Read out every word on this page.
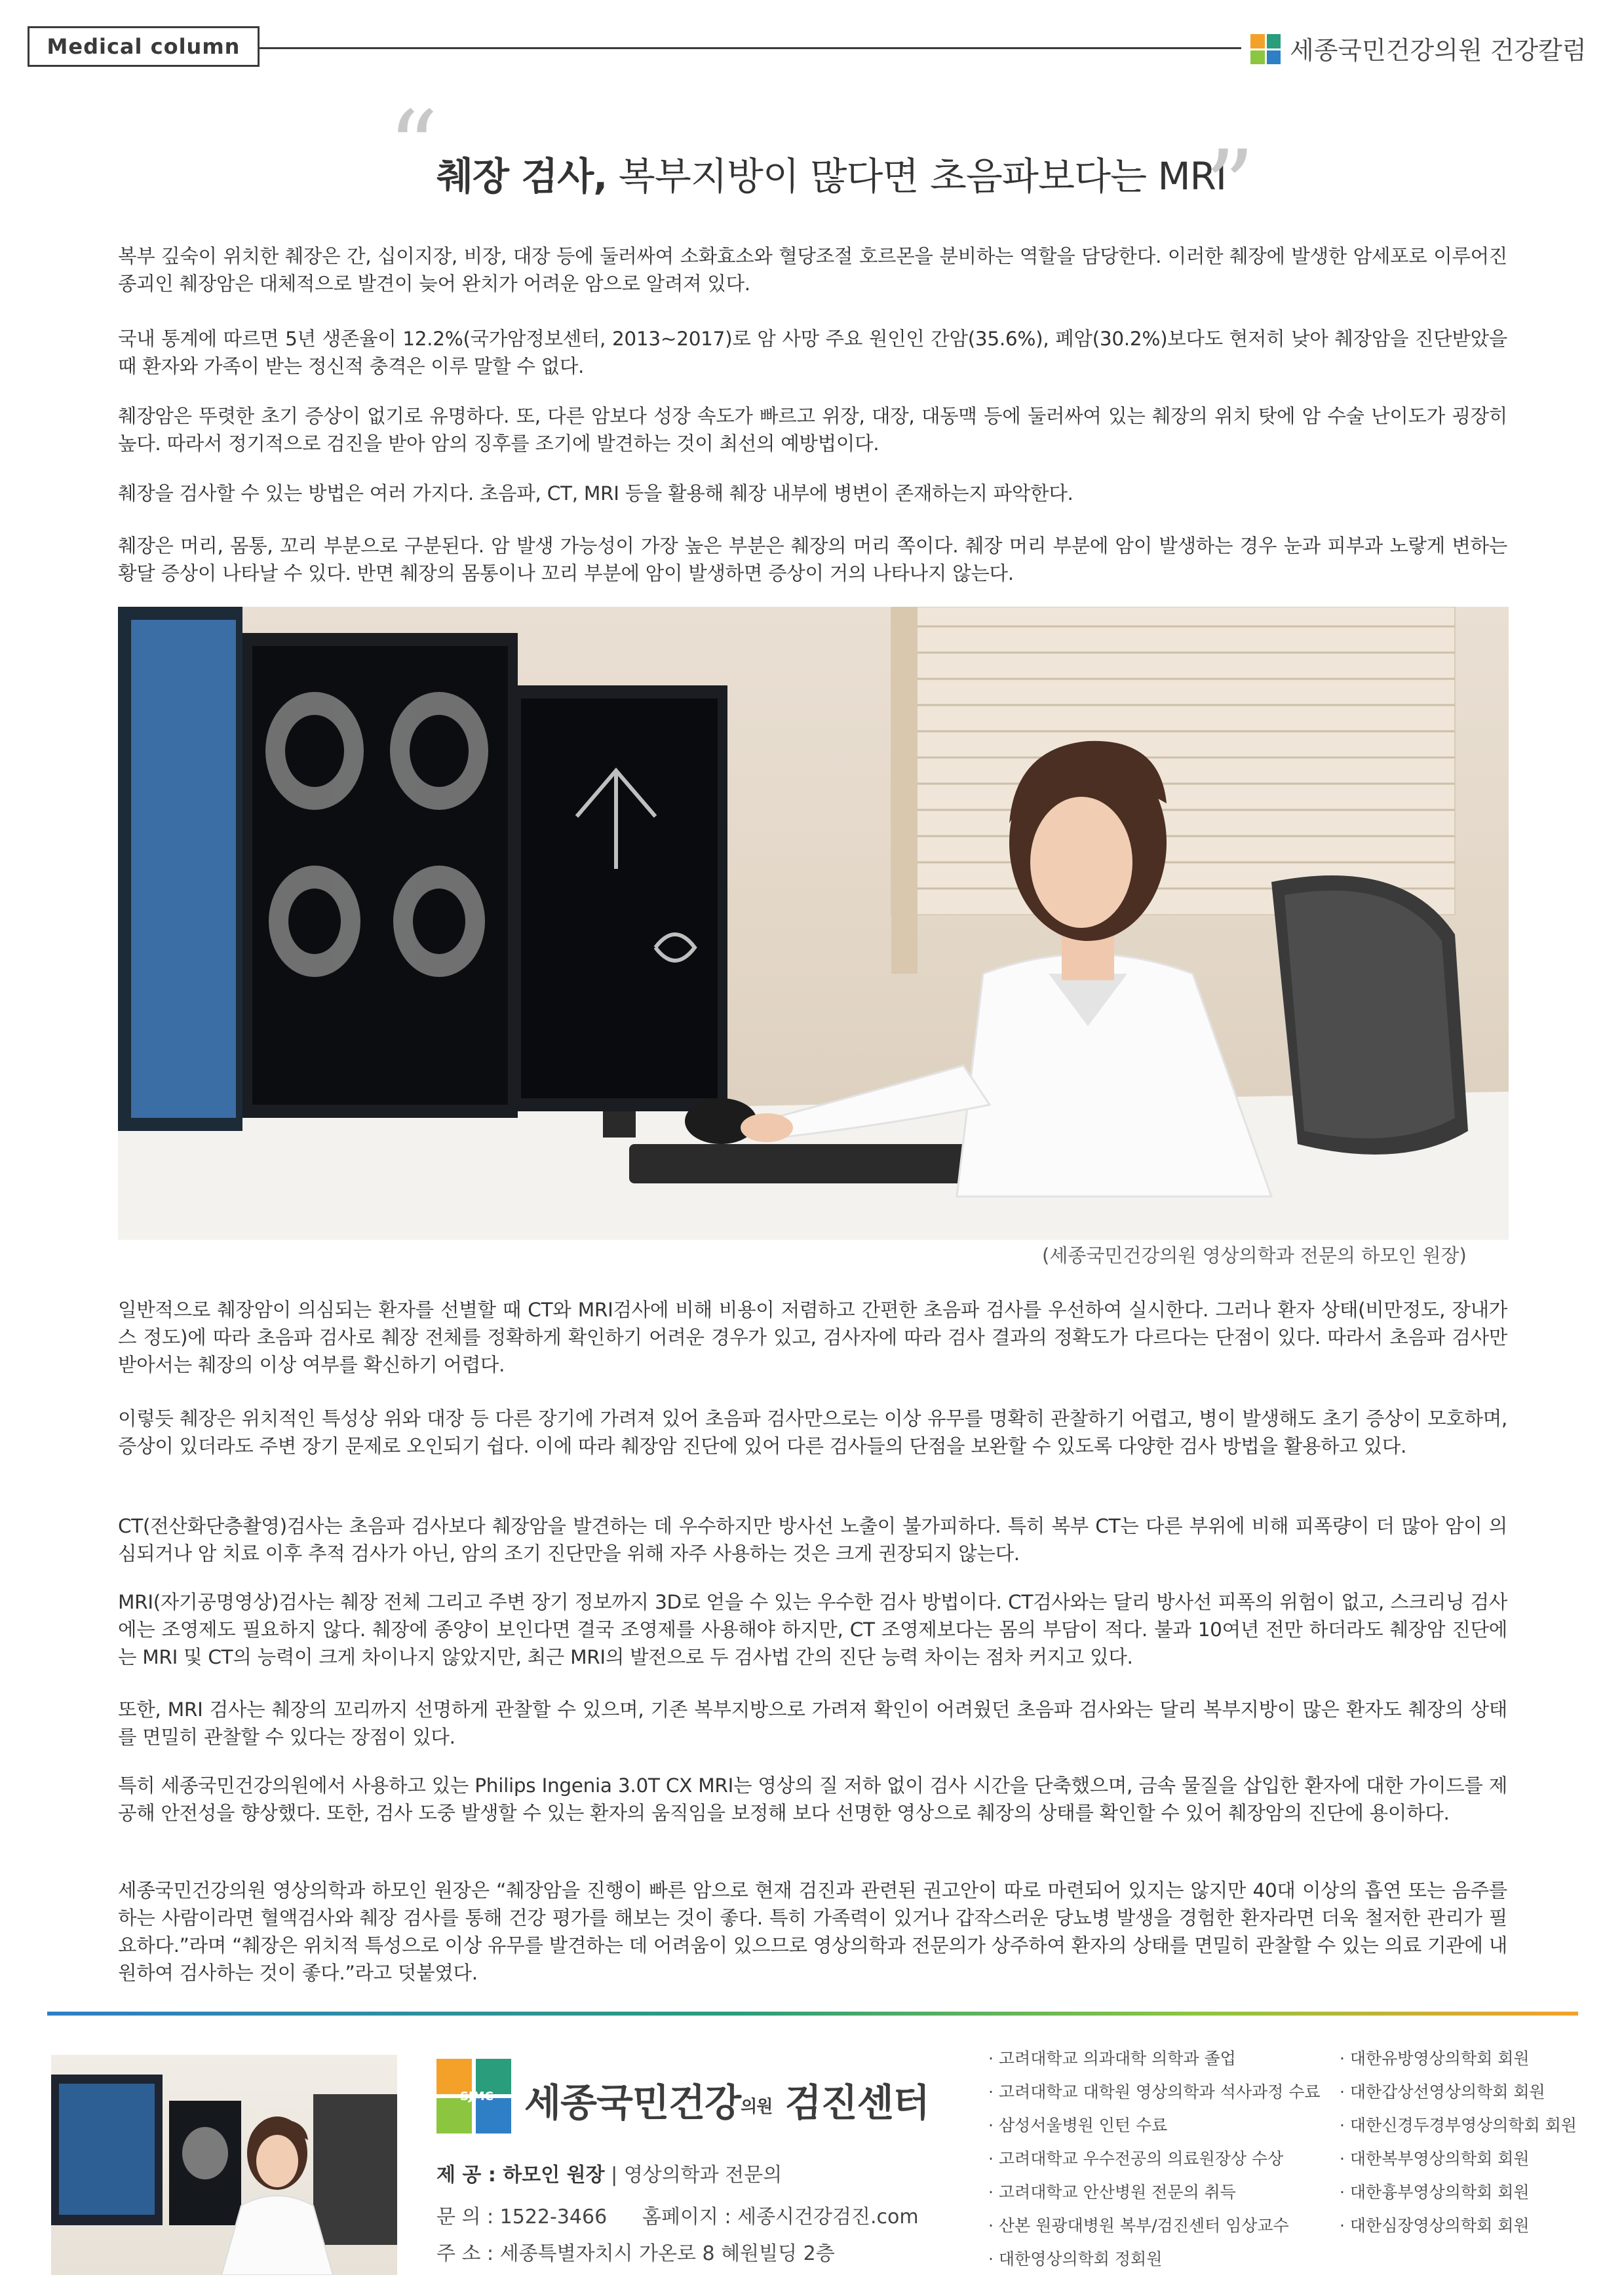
Medical column	세종국민건강의원 건강칼럼
“
췌장 검사, 복부지방이 많다면 초음파보다는 MRI
”

복부 깊숙이 위치한 췌장은 간, 십이지장, 비장, 대장 등에 둘러싸여 소화효소와 혈당조절 호르몬을 분비하는 역할을 담당한다. 이러한 췌장에 발생한 암세포로 이루어진 종괴인 췌장암은 대체적으로 발견이 늦어 완치가 어려운 암으로 알려져 있다.

국내 통계에 따르면 5년 생존율이 12.2%(국가암정보센터, 2013~2017)로 암 사망 주요 원인인 간암(35.6%), 폐암(30.2%)보다도 현저히 낮아 췌장암을 진단받았을 때 환자와 가족이 받는 정신적 충격은 이루 말할 수 없다.

췌장암은 뚜렷한 초기 증상이 없기로 유명하다. 또, 다른 암보다 성장 속도가 빠르고 위장, 대장, 대동맥 등에 둘러싸여 있는 췌장의 위치 탓에 암 수술 난이도가 굉장히 높다. 따라서 정기적으로 검진을 받아 암의 징후를 조기에 발견하는 것이 최선의 예방법이다.

췌장을 검사할 수 있는 방법은 여러 가지다. 초음파, CT, MRI 등을 활용해 췌장 내부에 병변이 존재하는지 파악한다.

췌장은 머리, 몸통, 꼬리 부분으로 구분된다. 암 발생 가능성이 가장 높은 부분은 췌장의 머리 쪽이다. 췌장 머리 부분에 암이 발생하는 경우 눈과 피부과 노랗게 변하는 황달 증상이 나타날 수 있다. 반면 췌장의 몸통이나 꼬리 부분에 암이 발생하면 증상이 거의 나타나지 않는다.

(세종국민건강의원 영상의학과 전문의 하모인 원장)

일반적으로 췌장암이 의심되는 환자를 선별할 때 CT와 MRI검사에 비해 비용이 저렴하고 간편한 초음파 검사를 우선하여 실시한다. 그러나 환자 상태(비만정도, 장내가스 정도)에 따라 초음파 검사로 췌장 전체를 정확하게 확인하기 어려운 경우가 있고, 검사자에 따라 검사 결과의 정확도가 다르다는 단점이 있다. 따라서 초음파 검사만 받아서는 췌장의 이상 여부를 확신하기 어렵다.

이렇듯 췌장은 위치적인 특성상 위와 대장 등 다른 장기에 가려져 있어 초음파 검사만으로는 이상 유무를 명확히 관찰하기 어렵고, 병이 발생해도 초기 증상이 모호하며, 증상이 있더라도 주변 장기 문제로 오인되기 쉽다. 이에 따라 췌장암 진단에 있어 다른 검사들의 단점을 보완할 수 있도록 다양한 검사 방법을 활용하고 있다.

CT(전산화단층촬영)검사는 초음파 검사보다 췌장암을 발견하는 데 우수하지만 방사선 노출이 불가피하다. 특히 복부 CT는 다른 부위에 비해 피폭량이 더 많아 암이 의심되거나 암 치료 이후 추적 검사가 아닌, 암의 조기 진단만을 위해 자주 사용하는 것은 크게 권장되지 않는다.

MRI(자기공명영상)검사는 췌장 전체 그리고 주변 장기 정보까지 3D로 얻을 수 있는 우수한 검사 방법이다. CT검사와는 달리 방사선 피폭의 위험이 없고, 스크리닝 검사에는 조영제도 필요하지 않다. 췌장에 종양이 보인다면 결국 조영제를 사용해야 하지만, CT 조영제보다는 몸의 부담이 적다. 불과 10여년 전만 하더라도 췌장암 진단에는 MRI 및 CT의 능력이 크게 차이나지 않았지만, 최근 MRI의 발전으로 두 검사법 간의 진단 능력 차이는 점차 커지고 있다.

또한, MRI 검사는 췌장의 꼬리까지 선명하게 관찰할 수 있으며, 기존 복부지방으로 가려져 확인이 어려웠던 초음파 검사와는 달리 복부지방이 많은 환자도 췌장의 상태를 면밀히 관찰할 수 있다는 장점이 있다.

특히 세종국민건강의원에서 사용하고 있는 Philips Ingenia 3.0T CX MRI는 영상의 질 저하 없이 검사 시간을 단축했으며, 금속 물질을 삽입한 환자에 대한 가이드를 제공해 안전성을 향상했다. 또한, 검사 도중 발생할 수 있는 환자의 움직임을 보정해 보다 선명한 영상으로 췌장의 상태를 확인할 수 있어 췌장암의 진단에 용이하다.

세종국민건강의원 영상의학과 하모인 원장은 “췌장암을 진행이 빠른 암으로 현재 검진과 관련된 권고안이 따로 마련되어 있지는 않지만 40대 이상의 흡연 또는 음주를 하는 사람이라면 혈액검사와 췌장 검사를 통해 건강 평가를 해보는 것이 좋다. 특히 가족력이 있거나 갑작스러운 당뇨병 발생을 경험한 환자라면 더욱 철저한 관리가 필요하다.”라며 “췌장은 위치적 특성으로 이상 유무를 발견하는 데 어려움이 있으므로 영상의학과 전문의가 상주하여 환자의 상태를 면밀히 관찰할 수 있는 의료 기관에 내원하여 검사하는 것이 좋다.”라고 덧붙였다.

SJMC 세종국민건강의원 검진센터
제 공 : 하모인 원장 | 영상의학과 전문의
문 의 : 1522-3466 홈페이지 : 세종시건강검진.com
주 소 : 세종특별자치시 가온로 8 혜원빌딩 2층
· 고려대학교 의과대학 의학과 졸업
· 고려대학교 대학원 영상의학과 석사과정 수료
· 삼성서울병원 인턴 수료
· 고려대학교 우수전공의 의료원장상 수상
· 고려대학교 안산병원 전문의 취득
· 산본 원광대병원 복부/검진센터 임상교수
· 대한영상의학회 정회원
· 대한유방영상의학회 회원
· 대한갑상선영상의학회 회원
· 대한신경두경부영상의학회 회원
· 대한복부영상의학회 회원
· 대한흉부영상의학회 회원
· 대한심장영상의학회 회원
